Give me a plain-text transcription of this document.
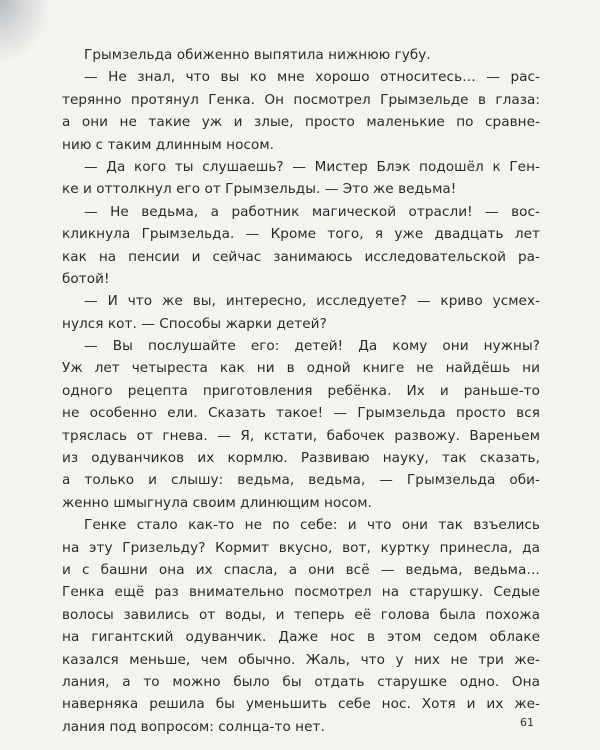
Грымзельда обиженно выпятила нижнюю губу.
— Не знал, что вы ко мне хорошо относитесь… — рас-
терянно протянул Генка. Он посмотрел Грымзельде в глаза:
а они не такие уж и злые, просто маленькие по сравне-
нию с таким длинным носом.
— Да кого ты слушаешь? — Мистер Блэк подошёл к Ген-
ке и оттолкнул его от Грымзельды. — Это же ведьма!
— Не ведьма, а работник магической отрасли! — вос-
кликнула Грымзельда. — Кроме того, я уже двадцать лет
как на пенсии и сейчас занимаюсь исследовательской ра-
ботой!
— И что же вы, интересно, исследуете? — криво усмех-
нулся кот. — Способы жарки детей?
— Вы послушайте его: детей! Да кому они нужны?
Уж лет четыреста как ни в одной книге не найдёшь ни
одного рецепта приготовления ребёнка. Их и раньше-то
не особенно ели. Сказать такое! — Грымзельда просто вся
тряслась от гнева. — Я, кстати, бабочек развожу. Вареньем
из одуванчиков их кормлю. Развиваю науку, так сказать,
а только и слышу: ведьма, ведьма, — Грымзельда оби-
женно шмыгнула своим длинющим носом.
Генке стало как-то не по себе: и что они так взъелись
на эту Гризельду? Кормит вкусно, вот, куртку принесла, да
и с башни она их спасла, а они всё — ведьма, ведьма…
Генка ещё раз внимательно посмотрел на старушку. Седые
волосы завились от воды, и теперь её голова была похожа
на гигантский одуванчик. Даже нос в этом седом облаке
казался меньше, чем обычно. Жаль, что у них не три же-
лания, а то можно было бы отдать старушке одно. Она
наверняка решила бы уменьшить себе нос. Хотя и их же-
лания под вопросом: солнца-то нет.	61
